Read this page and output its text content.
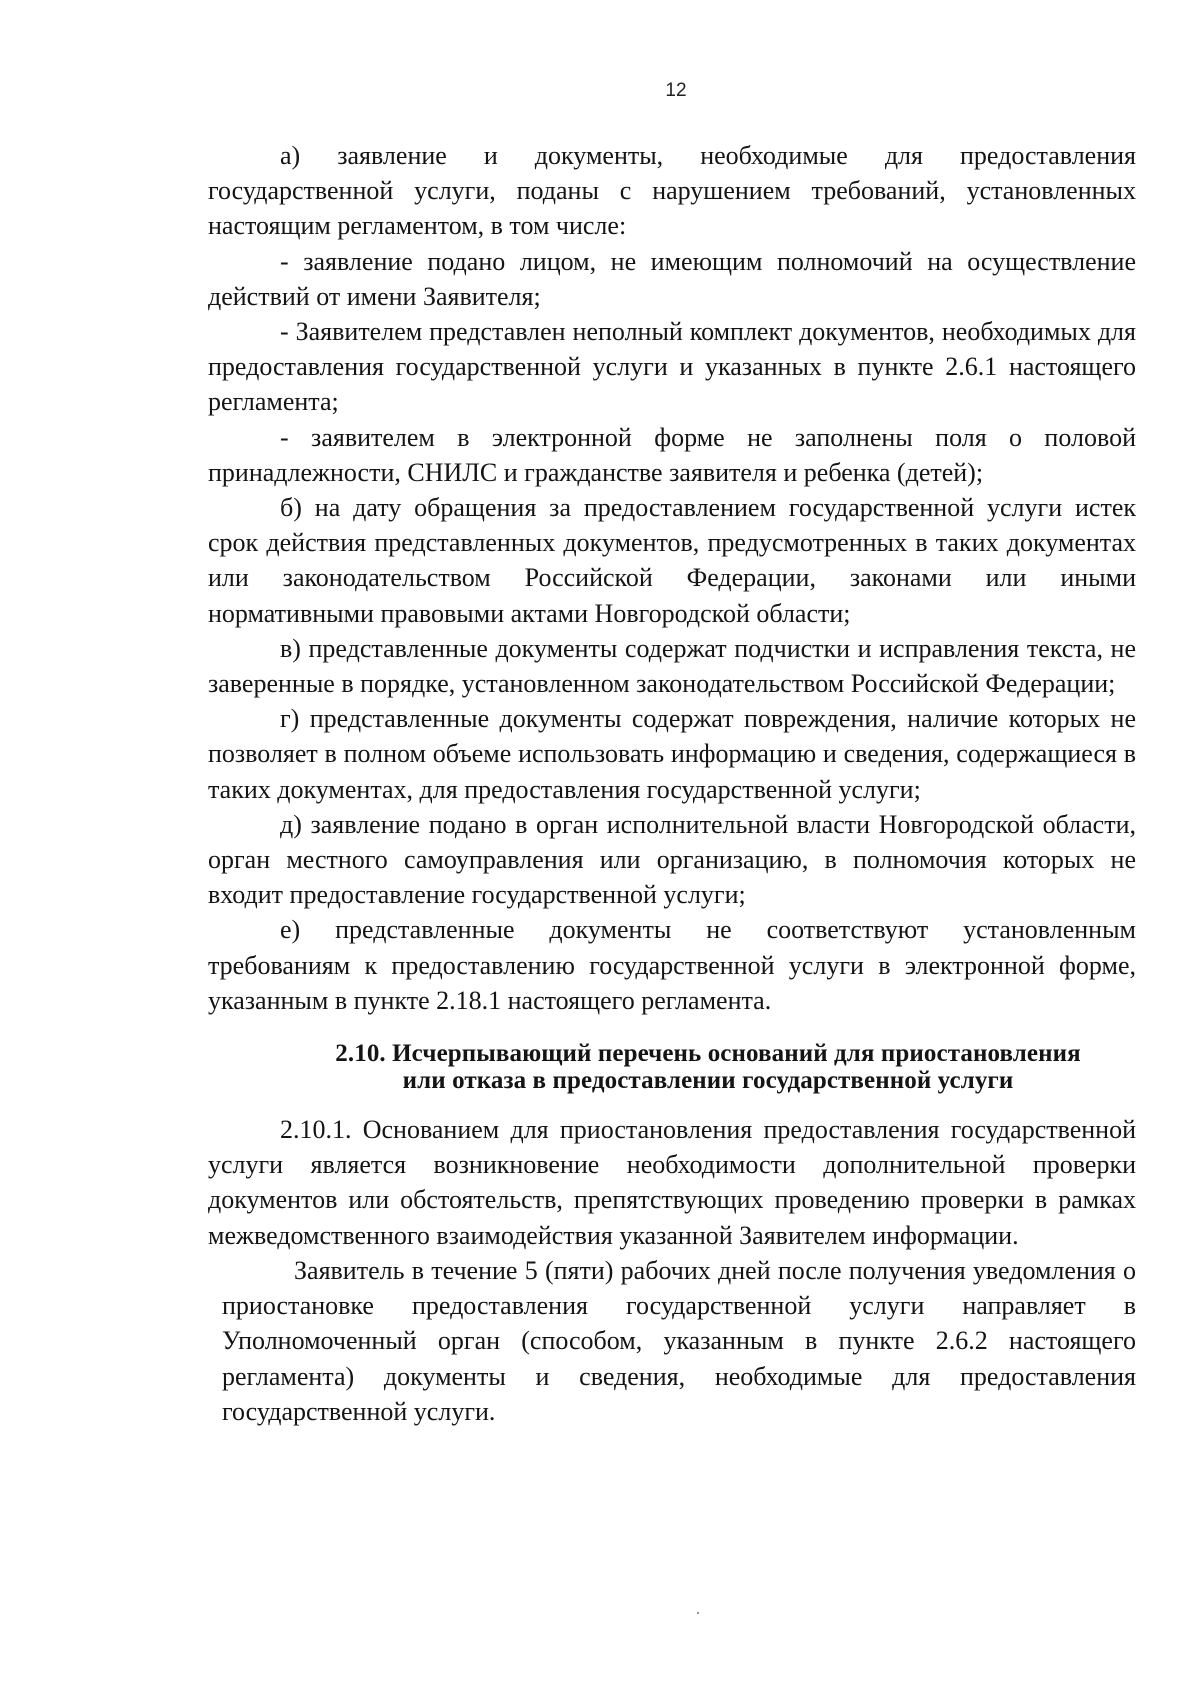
12

а) заявление и документы, необходимые для предоставления государственной услуги, поданы с нарушением требований, установленных настоящим регламентом, в том числе:

- заявление подано лицом, не имеющим полномочий на осуществление действий от имени Заявителя;

- Заявителем представлен неполный комплект документов, необходимых для предоставления государственной услуги и указанных в пункте 2.6.1 настоящего регламента;

- заявителем в электронной форме не заполнены поля о половой принадлежности, СНИЛС и гражданстве заявителя и ребенка (детей);

б) на дату обращения за предоставлением государственной услуги истек срок действия представленных документов, предусмотренных в таких документах или законодательством Российской Федерации, законами или иными нормативными правовыми актами Новгородской области;

в) представленные документы содержат подчистки и исправления текста, не заверенные в порядке, установленном законодательством Российской Федерации;

г) представленные документы содержат повреждения, наличие которых не позволяет в полном объеме использовать информацию и сведения, содержащиеся в таких документах, для предоставления государственной услуги;

д) заявление подано в орган исполнительной власти Новгородской области, орган местного самоуправления или организацию, в полномочия которых не входит предоставление государственной услуги;

е) представленные документы не соответствуют установленным требованиям к предоставлению государственной услуги в электронной форме, указанным в пункте 2.18.1 настоящего регламента.

2.10. Исчерпывающий перечень оснований для приостановления
или отказа в предоставлении государственной услуги

2.10.1. Основанием для приостановления предоставления государственной услуги является возникновение необходимости дополнительной проверки документов или обстоятельств, препятствующих проведению проверки в рамках межведомственного взаимодействия указанной Заявителем информации.

Заявитель в течение 5 (пяти) рабочих дней после получения уведомления о приостановке предоставления государственной услуги направляет в Уполномоченный орган (способом, указанным в пункте 2.6.2 настоящего регламента) документы и сведения, необходимые для предоставления государственной услуги.
